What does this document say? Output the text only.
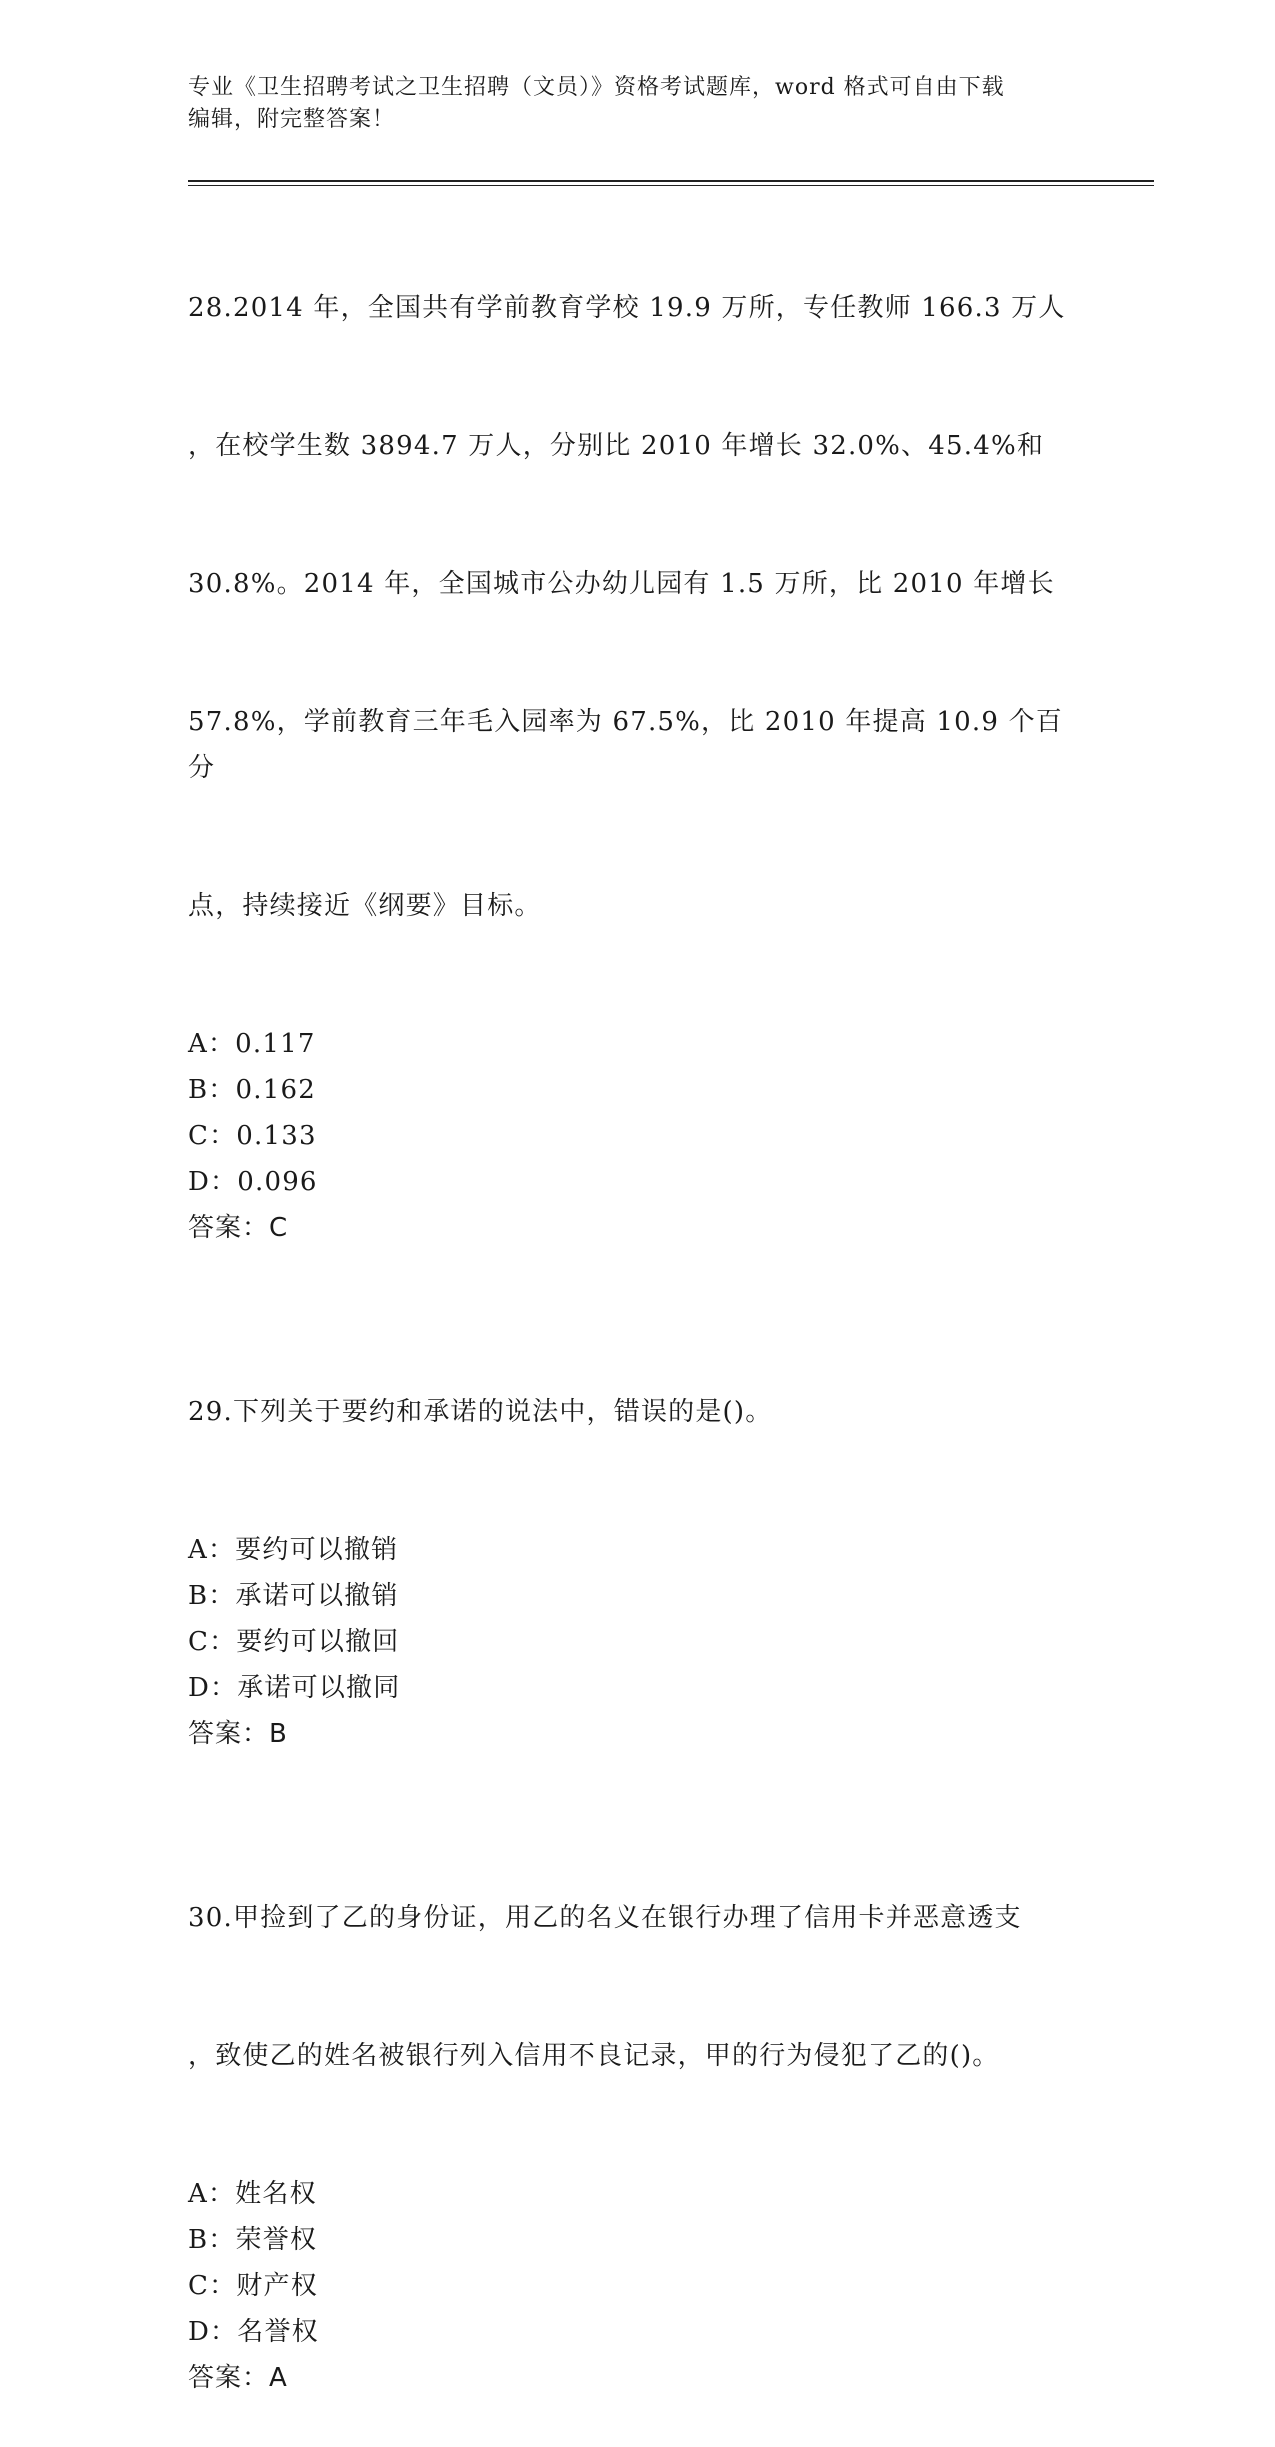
专业《卫生招聘考试之卫生招聘（文员）》资格考试题库，word 格式可自由下载
编辑，附完整答案！

28.2014 年，全国共有学前教育学校 19.9 万所，专任教师 166.3 万人

，在校学生数 3894.7 万人，分别比 2010 年增长 32.0%、45.4%和

30.8%。2014 年，全国城市公办幼儿园有 1.5 万所，比 2010 年增长

57.8%，学前教育三年毛入园率为 67.5%，比 2010 年提高 10.9 个百分

点，持续接近《纲要》目标。

A：0.117
B：0.162
C：0.133
D：0.096
答案：C

29.下列关于要约和承诺的说法中，错误的是()。

A：要约可以撤销
B：承诺可以撤销
C：要约可以撤回
D：承诺可以撤同
答案：B

30.甲捡到了乙的身份证，用乙的名义在银行办理了信用卡并恶意透支

，致使乙的姓名被银行列入信用不良记录，甲的行为侵犯了乙的()。

A：姓名权
B：荣誉权
C：财产权
D：名誉权
答案：A
